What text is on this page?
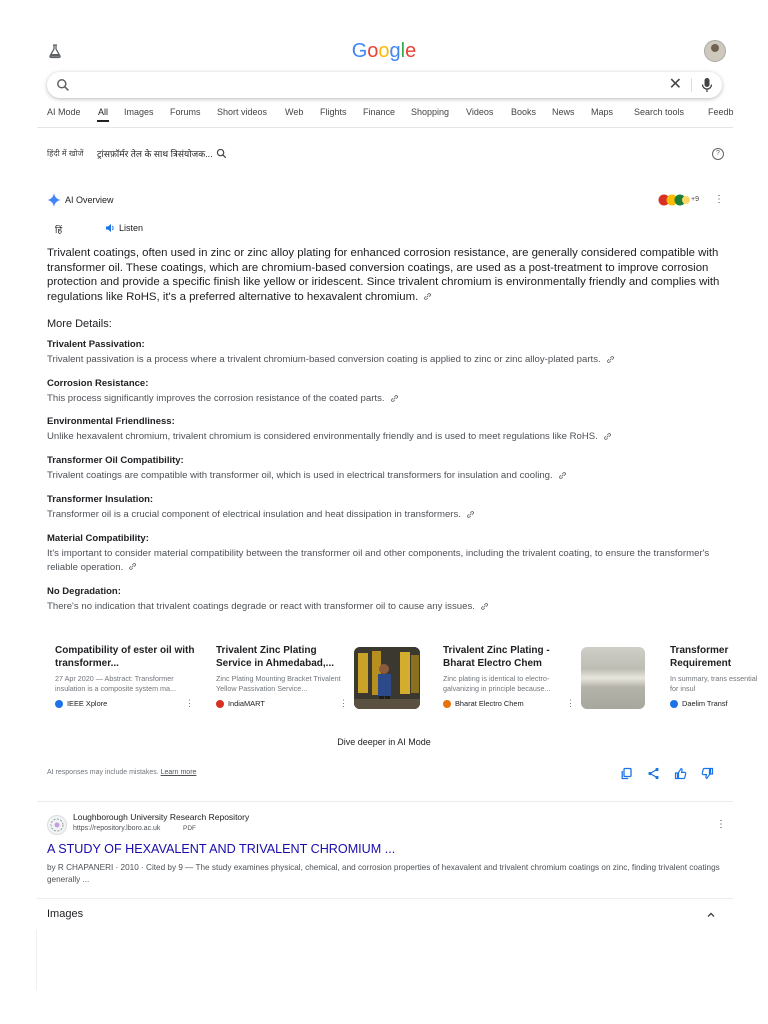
Google
✕
AI Mode All Images Forums Short videos Web Flights Finance Shopping Videos Books News Maps Search tools	Feedb
हिंदी में खोजें ट्रांसफ़ॉर्मर तेल के साथ त्रिसंयोजक...	?
AI Overview	+9 ⋮
हिं	Listen
Trivalent coatings, often used in zinc or zinc alloy plating for enhanced corrosion resistance, are generally considered compatible with transformer oil. These coatings, which are chromium-based conversion coatings, are used as a post-treatment to improve corrosion protection and provide a specific finish like yellow or iridescent. Since trivalent chromium is environmentally friendly and complies with regulations like RoHS, it's a preferred alternative to hexavalent chromium.
More Details:
Trivalent Passivation:
Trivalent passivation is a process where a trivalent chromium-based conversion coating is applied to zinc or zinc alloy-plated parts.
Corrosion Resistance:
This process significantly improves the corrosion resistance of the coated parts.
Environmental Friendliness:
Unlike hexavalent chromium, trivalent chromium is considered environmentally friendly and is used to meet regulations like RoHS.
Transformer Oil Compatibility:
Trivalent coatings are compatible with transformer oil, which is used in electrical transformers for insulation and cooling.
Transformer Insulation:
Transformer oil is a crucial component of electrical insulation and heat dissipation in transformers.
Material Compatibility:
It's important to consider material compatibility between the transformer oil and other components, including the trivalent coating, to ensure the transformer's reliable operation.
No Degradation:
There's no indication that trivalent coatings degrade or react with transformer oil to cause any issues.
Compatibility of ester oil with transformer...
27 Apr 2020 — Abstract: Transformer insulation is a composite system ma...
IEEE Xplore	⋮
Trivalent Zinc Plating Service in Ahmedabad,...
Zinc Plating Mounting Bracket Trivalent Yellow Passivation Service...
IndiaMART	⋮
Trivalent Zinc Plating - Bharat Electro Chem
Zinc plating is identical to electro-galvanizing in principle because...
Bharat Electro Chem	⋮
Transformer Requirement
In summary, trans essential for insul
Daelim Transf
Dive deeper in AI Mode
AI responses may include mistakes. Learn more
Loughborough University Research Repository
https://repository.lboro.ac.uk	PDF	⋮
A STUDY OF HEXAVALENT AND TRIVALENT CHROMIUM ...
by R CHAPANERI · 2010 · Cited by 9 — The study examines physical, chemical, and corrosion properties of hexavalent and trivalent chromium coatings on zinc, finding trivalent coatings generally ...
Images
